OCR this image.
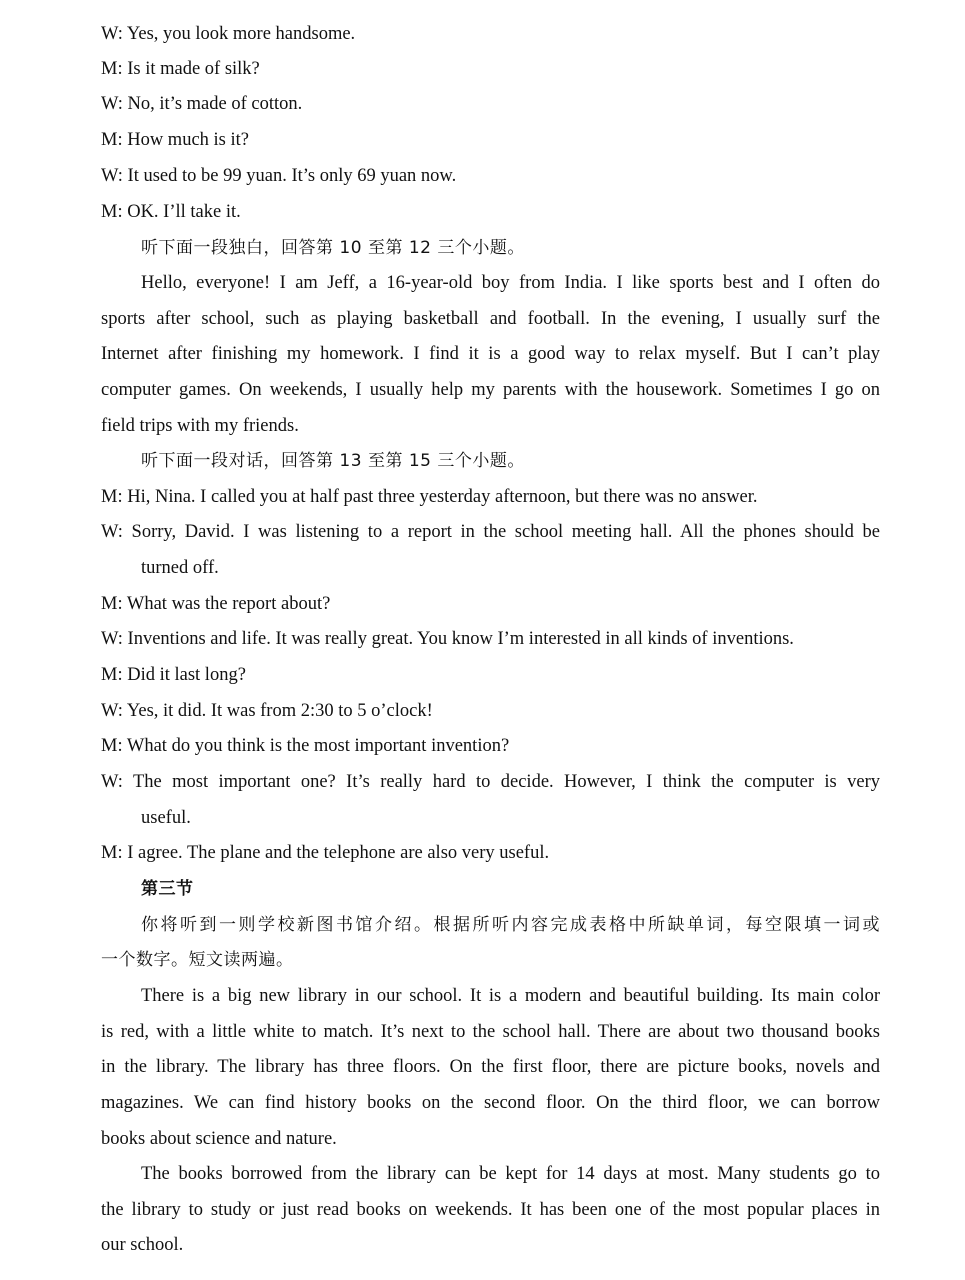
W: Yes, you look more handsome.
M: Is it made of silk?
W: No, it’s made of cotton.
M: How much is it?
W: It used to be 99 yuan. It’s only 69 yuan now.
M: OK. I’ll take it.
听下面一段独白，回答第 10 至第 12 三个小题。
Hello, everyone! I am Jeff, a 16-year-old boy from India. I like sports best and I often do
sports after school, such as playing basketball and football. In the evening, I usually surf the
Internet after finishing my homework. I find it is a good way to relax myself. But I can’t play
computer games. On weekends, I usually help my parents with the housework. Sometimes I go on
field trips with my friends.
听下面一段对话，回答第 13 至第 15 三个小题。
M: Hi, Nina. I called you at half past three yesterday afternoon, but there was no answer.
W: Sorry, David. I was listening to a report in the school meeting hall. All the phones should be
turned off.
M: What was the report about?
W: Inventions and life. It was really great. You know I’m interested in all kinds of inventions.
M: Did it last long?
W: Yes, it did. It was from 2:30 to 5 o’clock!
M: What do you think is the most important invention?
W: The most important one? It’s really hard to decide. However, I think the computer is very
useful.
M: I agree. The plane and the telephone are also very useful.
第三节
你将听到一则学校新图书馆介绍。根据所听内容完成表格中所缺单词，每空限填一词或
一个数字。短文读两遍。
There is a big new library in our school. It is a modern and beautiful building. Its main color
is red, with a little white to match. It’s next to the school hall. There are about two thousand books
in the library. The library has three floors. On the first floor, there are picture books, novels and
magazines. We can find history books on the second floor. On the third floor, we can borrow
books about science and nature.
The books borrowed from the library can be kept for 14 days at most. Many students go to
the library to study or just read books on weekends. It has been one of the most popular places in
our school.
